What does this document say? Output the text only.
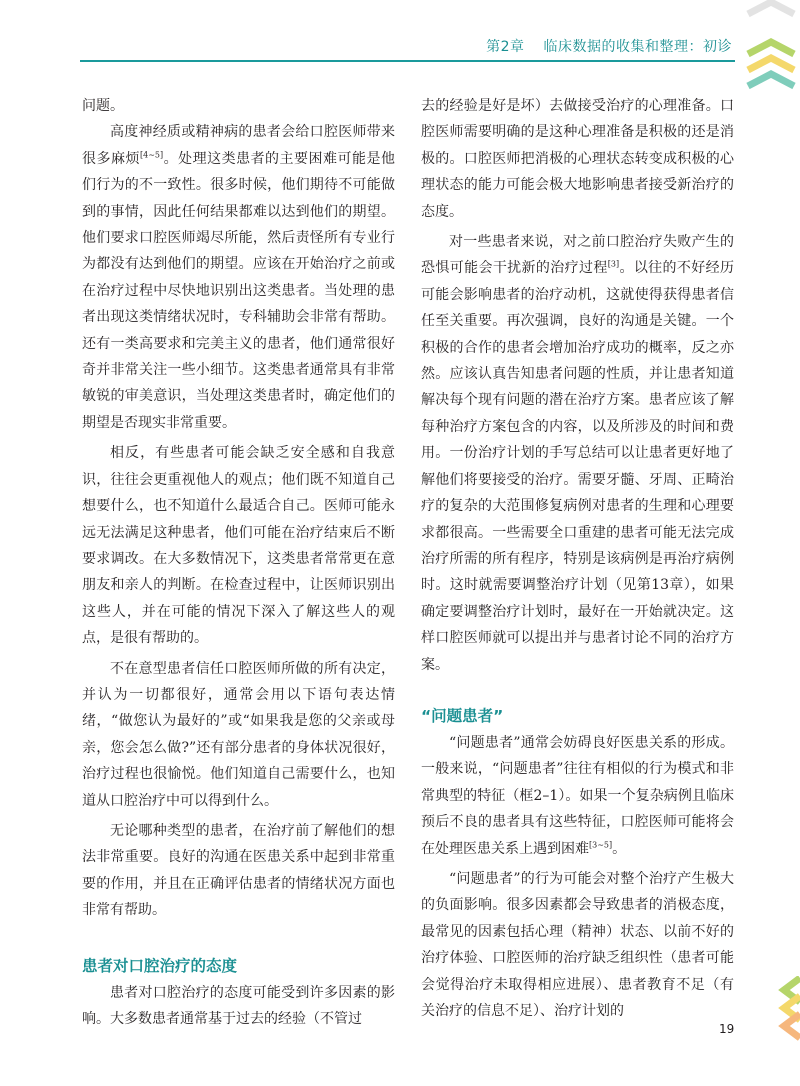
第2章 临床数据的收集和整理：初诊

问题。

高度神经质或精神病的患者会给口腔医师带来很多麻烦[4~5]。处理这类患者的主要困难可能是他们行为的不一致性。很多时候，他们期待不可能做到的事情，因此任何结果都难以达到他们的期望。他们要求口腔医师竭尽所能，然后责怪所有专业行为都没有达到他们的期望。应该在开始治疗之前或在治疗过程中尽快地识别出这类患者。当处理的患者出现这类情绪状况时，专科辅助会非常有帮助。还有一类高要求和完美主义的患者，他们通常很好奇并非常关注一些小细节。这类患者通常具有非常敏锐的审美意识，当处理这类患者时，确定他们的期望是否现实非常重要。

相反，有些患者可能会缺乏安全感和自我意识，往往会更重视他人的观点；他们既不知道自己想要什么，也不知道什么最适合自己。医师可能永远无法满足这种患者，他们可能在治疗结束后不断要求调改。在大多数情况下，这类患者常常更在意朋友和亲人的判断。在检查过程中，让医师识别出这些人，并在可能的情况下深入了解这些人的观点，是很有帮助的。

不在意型患者信任口腔医师所做的所有决定，并认为一切都很好，通常会用以下语句表达情绪，“做您认为最好的”或“如果我是您的父亲或母亲，您会怎么做?”还有部分患者的身体状况很好，治疗过程也很愉悦。他们知道自己需要什么，也知道从口腔治疗中可以得到什么。

无论哪种类型的患者，在治疗前了解他们的想法非常重要。良好的沟通在医患关系中起到非常重要的作用，并且在正确评估患者的情绪状况方面也非常有帮助。

患者对口腔治疗的态度

患者对口腔治疗的态度可能受到许多因素的影响。大多数患者通常基于过去的经验（不管过

去的经验是好是坏）去做接受治疗的心理准备。口腔医师需要明确的是这种心理准备是积极的还是消极的。口腔医师把消极的心理状态转变成积极的心理状态的能力可能会极大地影响患者接受新治疗的态度。

对一些患者来说，对之前口腔治疗失败产生的恐惧可能会干扰新的治疗过程[3]。以往的不好经历可能会影响患者的治疗动机，这就使得获得患者信任至关重要。再次强调，良好的沟通是关键。一个积极的合作的患者会增加治疗成功的概率，反之亦然。应该认真告知患者问题的性质，并让患者知道解决每个现有问题的潜在治疗方案。患者应该了解每种治疗方案包含的内容，以及所涉及的时间和费用。一份治疗计划的手写总结可以让患者更好地了解他们将要接受的治疗。需要牙髓、牙周、正畸治疗的复杂的大范围修复病例对患者的生理和心理要求都很高。一些需要全口重建的患者可能无法完成治疗所需的所有程序，特别是该病例是再治疗病例时。这时就需要调整治疗计划（见第13章），如果确定要调整治疗计划时，最好在一开始就决定。这样口腔医师就可以提出并与患者讨论不同的治疗方案。

“问题患者”

“问题患者”通常会妨碍良好医患关系的形成。一般来说，“问题患者”往往有相似的行为模式和非常典型的特征（框2–1）。如果一个复杂病例且临床预后不良的患者具有这些特征，口腔医师可能将会在处理医患关系上遇到困难[3~5]。

“问题患者”的行为可能会对整个治疗产生极大的负面影响。很多因素都会导致患者的消极态度，最常见的因素包括心理（精神）状态、以前不好的治疗体验、口腔医师的治疗缺乏组织性（患者可能会觉得治疗未取得相应进展）、患者教育不足（有关治疗的信息不足）、治疗计划的

19
